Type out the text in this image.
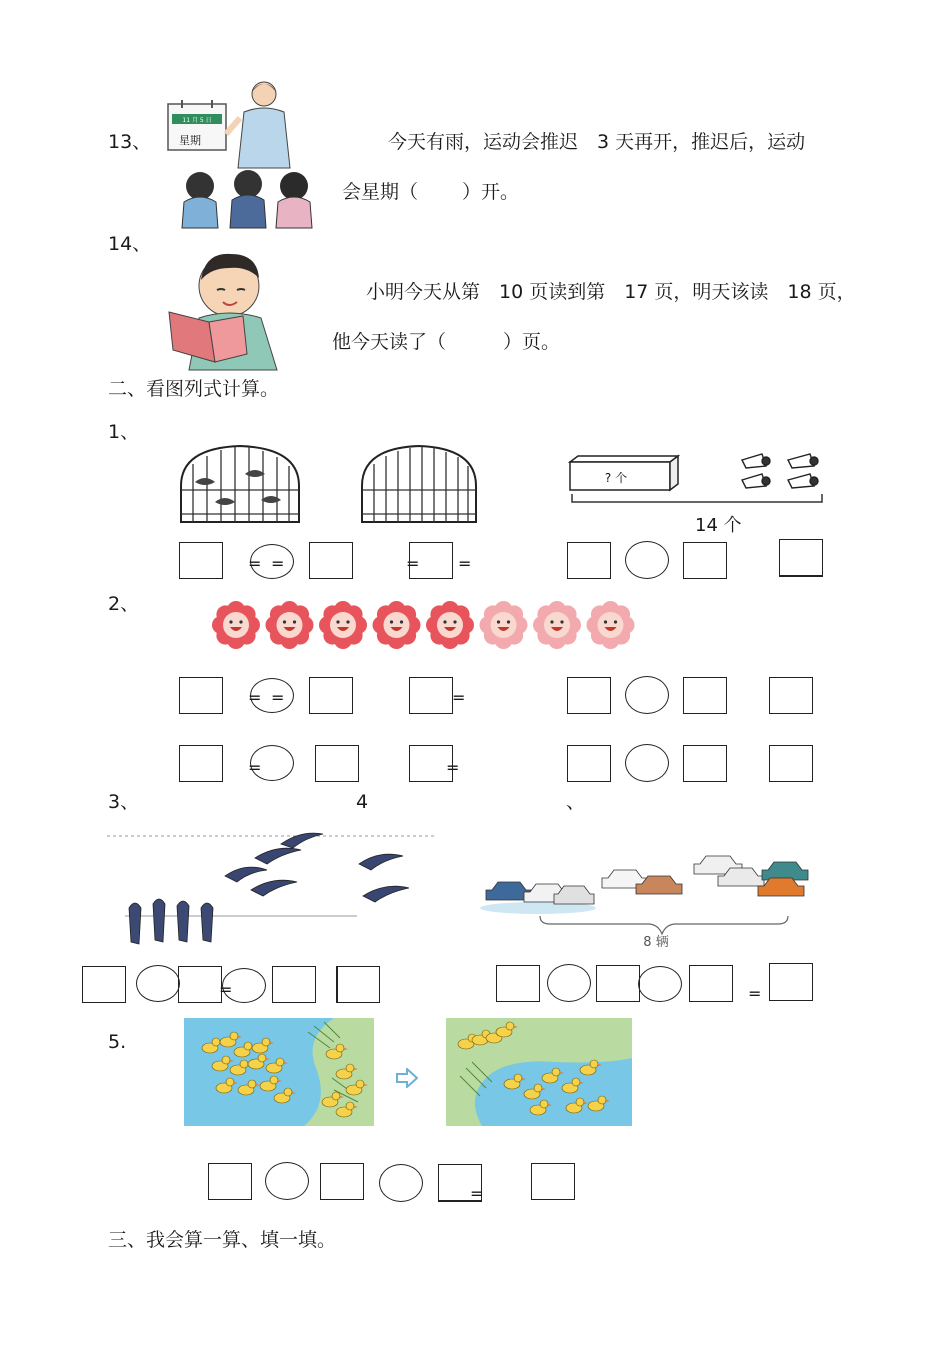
13、
11 月 5 日
星期	今天有雨，运动会推迟　3 天再开，推迟后，运动
会星期（　　 ）开。
14、
小明今天从第　10 页读到第　17 页，明天该读　18 页，
他今天读了（　　　）页。
二、看图列式计算。
1、
? 个
14 个
= =	= =
2、
= =	=
=	=
3、	4	、
8 辆
=	=
5.
=
三、我会算一算、填一填。
